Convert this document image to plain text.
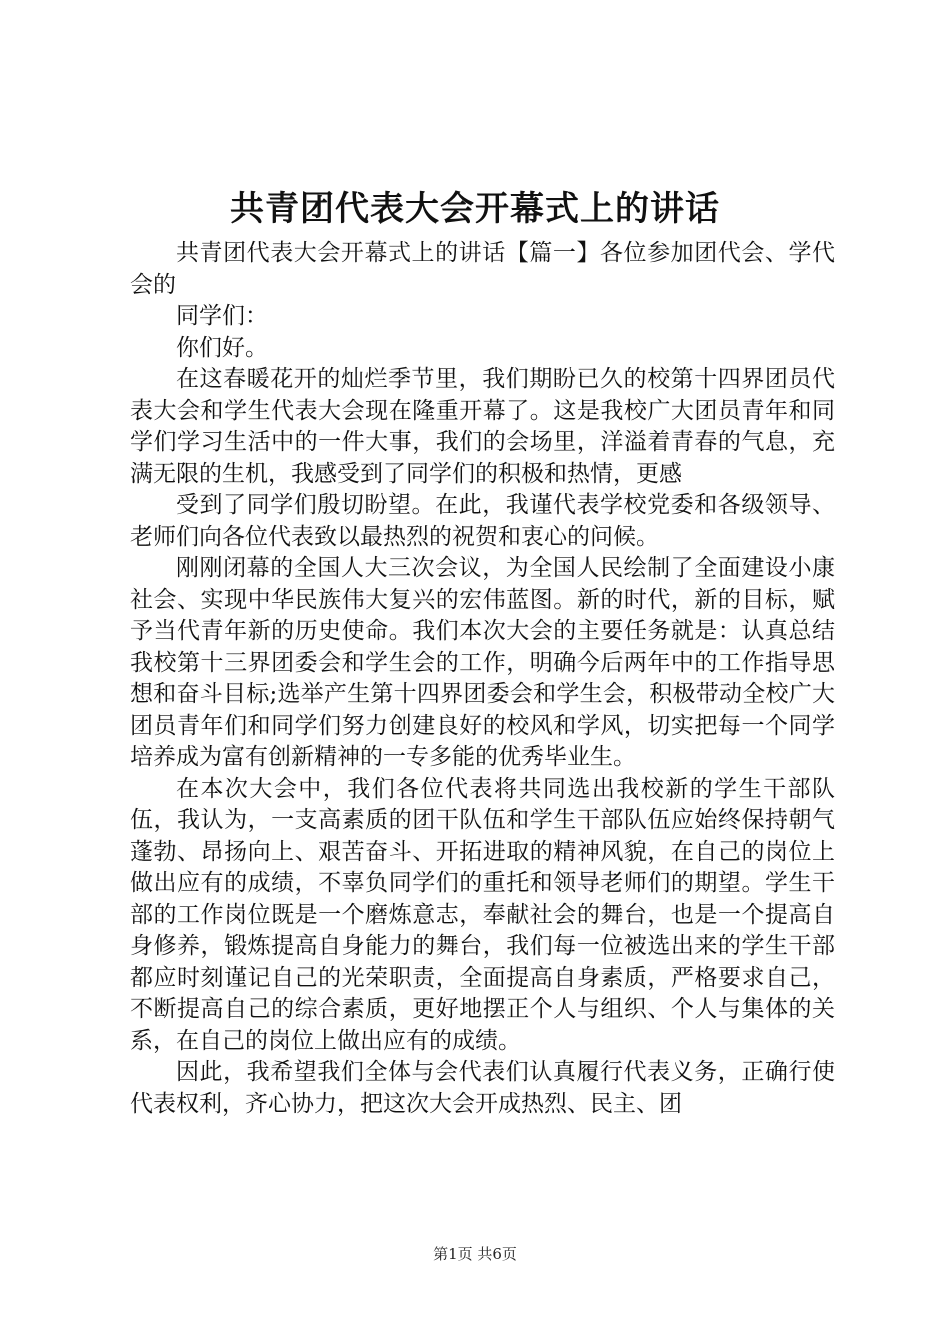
共青团代表大会开幕式上的讲话

共青团代表大会开幕式上的讲话【篇一】各位参加团代会、学代会的

同学们：

你们好。

在这春暖花开的灿烂季节里，我们期盼已久的校第十四界团员代表大会和学生代表大会现在隆重开幕了。这是我校广大团员青年和同学们学习生活中的一件大事，我们的会场里，洋溢着青春的气息，充满无限的生机，我感受到了同学们的积极和热情，更感

受到了同学们殷切盼望。在此，我谨代表学校党委和各级领导、老师们向各位代表致以最热烈的祝贺和衷心的问候。

刚刚闭幕的全国人大三次会议，为全国人民绘制了全面建设小康社会、实现中华民族伟大复兴的宏伟蓝图。新的时代，新的目标，赋予当代青年新的历史使命。我们本次大会的主要任务就是：认真总结我校第十三界团委会和学生会的工作，明确今后两年中的工作指导思想和奋斗目标;选举产生第十四界团委会和学生会，积极带动全校广大团员青年们和同学们努力创建良好的校风和学风，切实把每一个同学培养成为富有创新精神的一专多能的优秀毕业生。

在本次大会中，我们各位代表将共同选出我校新的学生干部队伍，我认为，一支高素质的团干队伍和学生干部队伍应始终保持朝气蓬勃、昂扬向上、艰苦奋斗、开拓进取的精神风貌，在自己的岗位上做出应有的成绩，不辜负同学们的重托和领导老师们的期望。学生干部的工作岗位既是一个磨炼意志，奉献社会的舞台，也是一个提高自身修养，锻炼提高自身能力的舞台，我们每一位被选出来的学生干部都应时刻谨记自己的光荣职责，全面提高自身素质，严格要求自己，不断提高自己的综合素质，更好地摆正个人与组织、个人与集体的关系，在自己的岗位上做出应有的成绩。

因此，我希望我们全体与会代表们认真履行代表义务，正确行使代表权利，齐心协力，把这次大会开成热烈、民主、团

第1页 共6页
